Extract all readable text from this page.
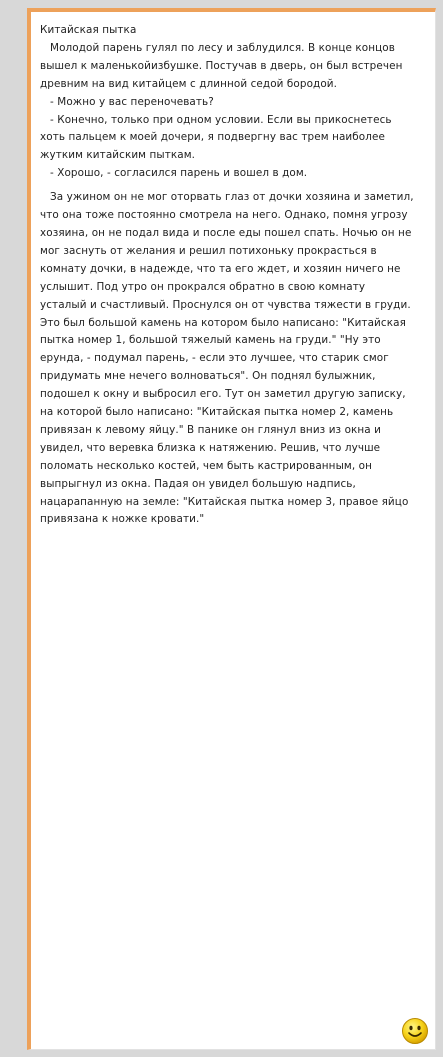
Китайская пытка

Молодой парень гулял по лесу и заблудился. В конце концов вышел к маленькойизбушке. Постучав в дверь, он был встречен древним на вид китайцем с длинной седой бородой.

- Можно у вас переночевать?

- Конечно, только при одном условии. Если вы прикоснетесь хоть пальцем к моей дочери, я подвергну вас трем наиболее жутким китайским пыткам.

- Хорошо, - согласился парень и вошел в дом.

За ужином он не мог оторвать глаз от дочки хозяина и заметил, что она тоже постоянно смотрела на него. Однако, помня угрозу хозяина, он не подал вида и после еды пошел спать. Ночью он не мог заснуть от желания и решил потихоньку прокрасться в комнату дочки, в надежде, что та его ждет, и хозяин ничего не услышит. Под утро он прокрался обратно в свою комнату усталый и счастливый. Проснулся он от чувства тяжести в груди. Это был большой камень на котором было написано: "Китайская пытка номер 1, большой тяжелый камень на груди." "Ну это ерунда, - подумал парень, - если это лучшее, что старик смог придумать мне нечего волноваться". Он поднял булыжник, подошел к окну и выбросил его. Тут он заметил другую записку, на которой было написано: "Китайская пытка номер 2, камень привязан к левому яйцу." В панике он глянул вниз из окна и увидел, что веревка близка к натяжению. Решив, что лучше поломать несколько костей, чем быть кастрированным, он выпрыгнул из окна. Падая он увидел большую надпись, нацарапанную на земле: "Китайская пытка номер 3, правое яйцо привязана к ножке кровати."
